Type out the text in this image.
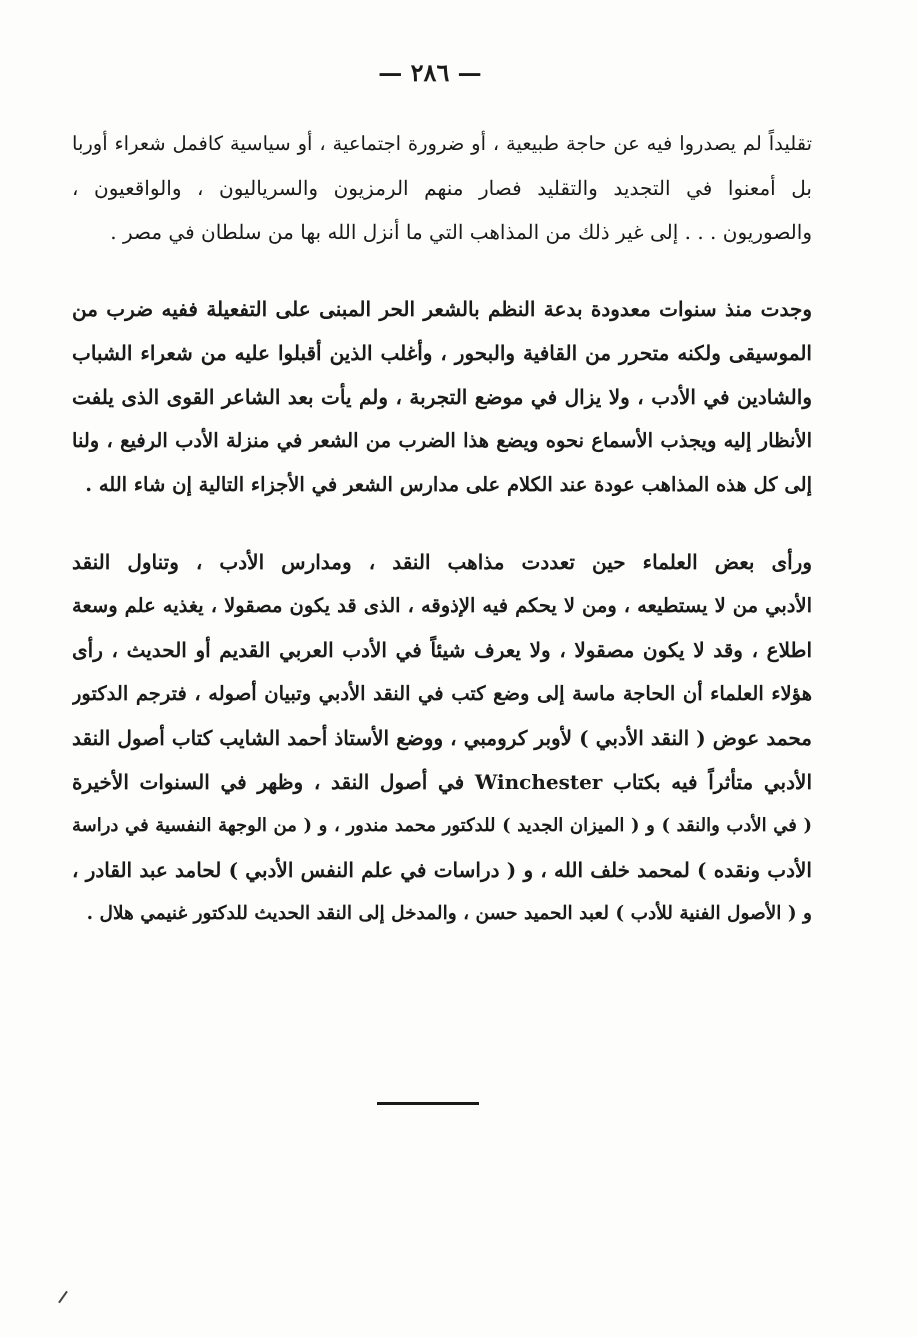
— ٢٨٦ —
تقليداً لم يصدروا فيه عن حاجة طبيعية ، أو ضرورة اجتماعية ، أو سياسية كافمل شعراء أوربا
بل أمعنوا في التجديد والتقليد فصار منهم الرمزيون والسرياليون ، والواقعيون ،
والصوريون . . . إلى غير ذلك من المذاهب التي ما أنزل الله بها من سلطان في مصر .
وجدت منذ سنوات معدودة بدعة النظم بالشعر الحر المبنى على التفعيلة ففيه ضرب من
الموسيقى ولكنه متحرر من القافية والبحور ، وأغلب الذين أقبلوا عليه من شعراء الشباب
والشادين في الأدب ، ولا يزال في موضع التجربة ، ولم يأت بعد الشاعر القوى الذى يلفت
الأنظار إليه ويجذب الأسماع نحوه ويضع هذا الضرب من الشعر في منزلة الأدب الرفيع ، ولنا
إلى كل هذه المذاهب عودة عند الكلام على مدارس الشعر في الأجزاء التالية إن شاء الله .
ورأى بعض العلماء حين تعددت مذاهب النقد ، ومدارس الأدب ، وتناول النقد
الأدبي من لا يستطيعه ، ومن لا يحكم فيه الإذوقه ، الذى قد يكون مصقولا ، يغذيه علم وسعة
اطلاع ، وقد لا يكون مصقولا ، ولا يعرف شيئاً في الأدب العربي القديم أو الحديث ، رأى
هؤلاء العلماء أن الحاجة ماسة إلى وضع كتب في النقد الأدبي وتبيان أصوله ، فترجم الدكتور
محمد عوض ( النقد الأدبي ) لأوبر كرومبي ، ووضع الأستاذ أحمد الشايب كتاب أصول النقد
الأدبي متأثراً فيه بكتاب Winchester في أصول النقد ، وظهر في السنوات الأخيرة
( في الأدب والنقد ) و ( الميزان الجديد ) للدكتور محمد مندور ، و ( من الوجهة النفسية في دراسة
الأدب ونقده ) لمحمد خلف الله ، و ( دراسات في علم النفس الأدبي ) لحامد عبد القادر ،
و ( الأصول الفنية للأدب ) لعبد الحميد حسن ، والمدخل إلى النقد الحديث للدكتور غنيمي هلال .
